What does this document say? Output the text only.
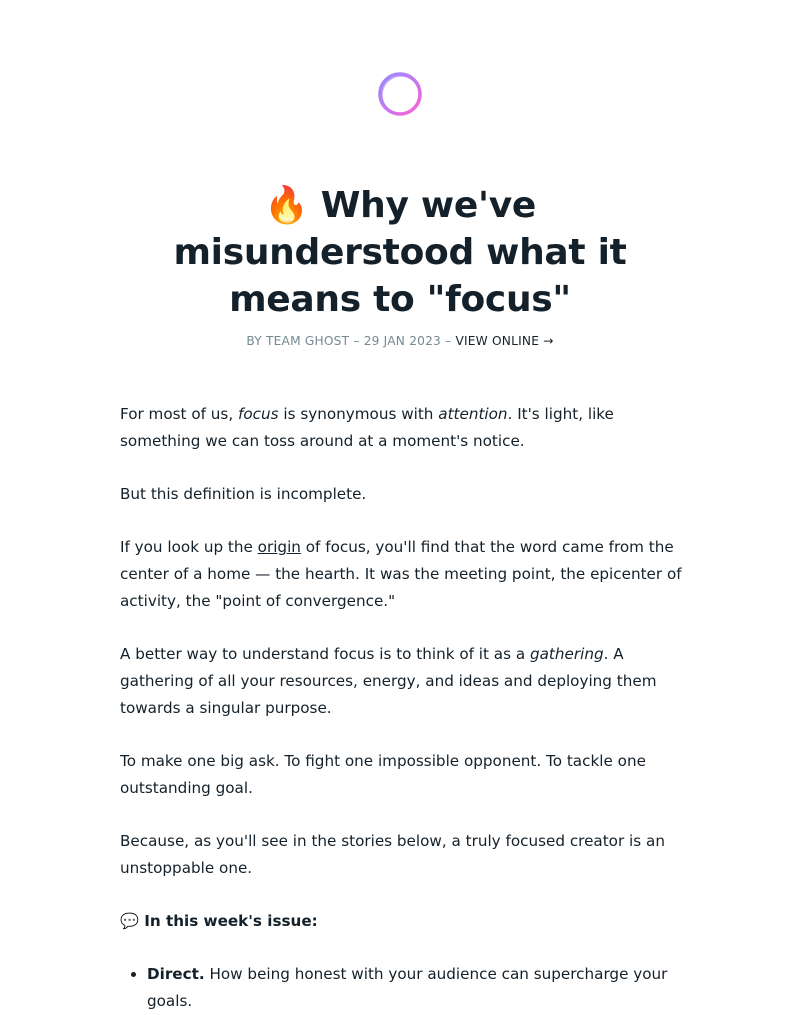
🔥 Why we've misunderstood what it means to "focus"
BY TEAM GHOST – 29 JAN 2023 – VIEW ONLINE →

For most of us, focus is synonymous with attention. It's light, like something we can toss around at a moment's notice.

But this definition is incomplete.

If you look up the origin of focus, you'll find that the word came from the center of a home — the hearth. It was the meeting point, the epicenter of activity, the "point of convergence."

A better way to understand focus is to think of it as a gathering. A gathering of all your resources, energy, and ideas and deploying them towards a singular purpose.

To make one big ask. To fight one impossible opponent. To tackle one outstanding goal.

Because, as you'll see in the stories below, a truly focused creator is an unstoppable one.

💬 In this week's issue:

• Direct. How being honest with your audience can supercharge your goals.
